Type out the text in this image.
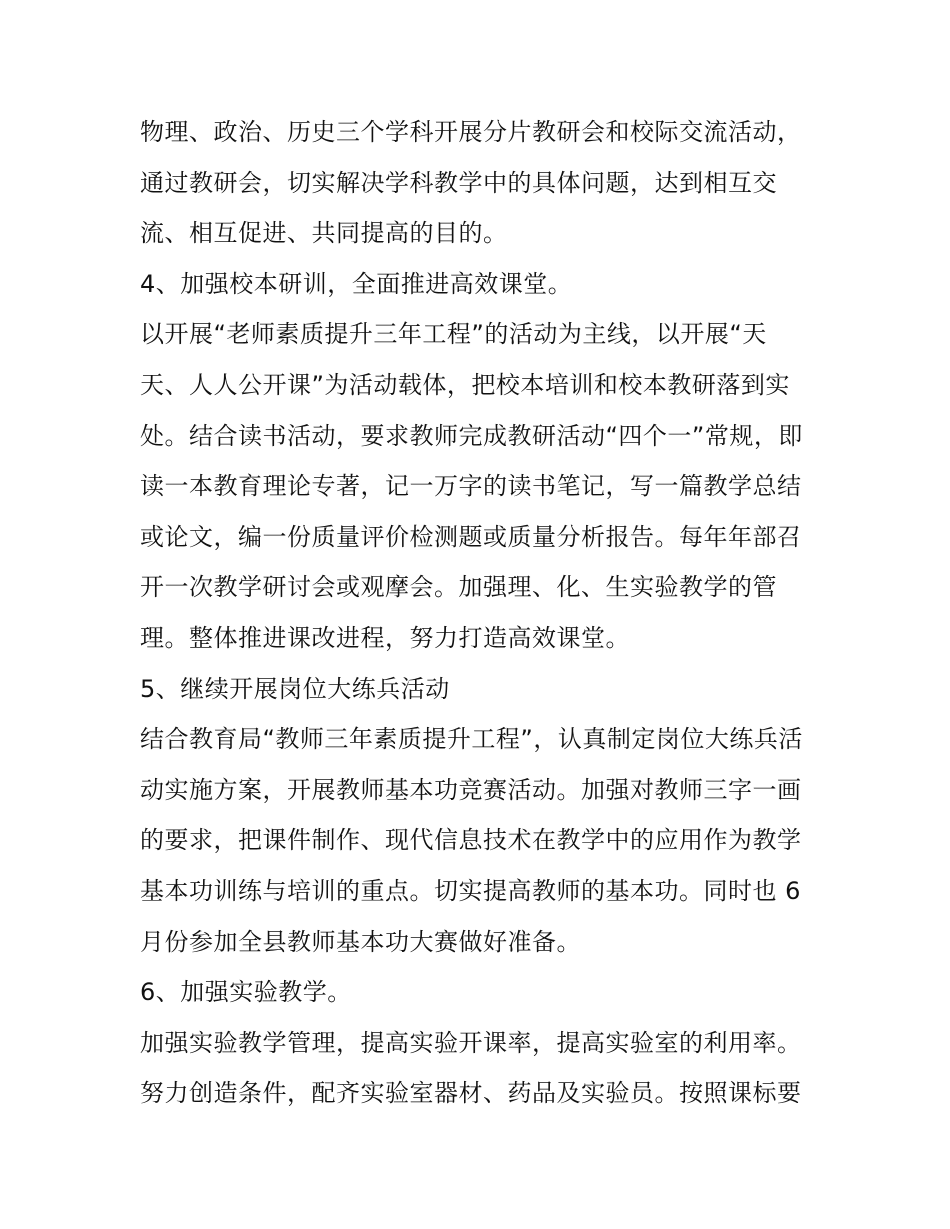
物理、政治、历史三个学科开展分片教研会和校际交流活动，
通过教研会，切实解决学科教学中的具体问题，达到相互交
流、相互促进、共同提高的目的。
4、加强校本研训，全面推进高效课堂。
以开展“老师素质提升三年工程”的活动为主线，以开展“天
天、人人公开课”为活动载体，把校本培训和校本教研落到实
处。结合读书活动，要求教师完成教研活动“四个一”常规，即
读一本教育理论专著，记一万字的读书笔记，写一篇教学总结
或论文，编一份质量评价检测题或质量分析报告。每年年部召
开一次教学研讨会或观摩会。加强理、化、生实验教学的管
理。整体推进课改进程，努力打造高效课堂。
5、继续开展岗位大练兵活动
结合教育局“教师三年素质提升工程”，认真制定岗位大练兵活
动实施方案，开展教师基本功竞赛活动。加强对教师三字一画
的要求，把课件制作、现代信息技术在教学中的应用作为教学
基本功训练与培训的重点。切实提高教师的基本功。同时也 6
月份参加全县教师基本功大赛做好准备。
6、加强实验教学。
加强实验教学管理，提高实验开课率，提高实验室的利用率。
努力创造条件，配齐实验室器材、药品及实验员。按照课标要
